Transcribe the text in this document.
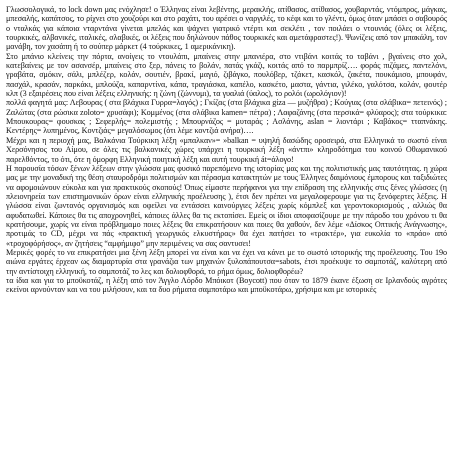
Γλωσσολογικά, το lock down μας ενόχλησε! ο Έλληνας είναι λεβέντης, μερακλής, ατίθασος, ατίθασος, χουβαρντάς, ντόμπρος, μάγκας, μπεσαλής, καπάτσος, το ρίχνει στο χουζούρι και στο ραχάτι, του αρέσει ο ναργιλές, το κέφι και το γλέντι, όμως όταν μπάσει ο σαβουρός ο νταλκάς για κάποια νταρντάνα γίνεται μπελάς και ψάχνει γιατρικό ντέρτι και σεκλέτι , τον ποιλάει ο ντουνιάς (όλες οι λέξεις, τουρκικές, αλβανικές, ιταλικές, σλαβικές, οι λέξεις που δηλώνουν πάθος τουρκικές και αμετάφραστες!). Ψωνίζεις από τον μπακάλη, τον μανάβη, τον χασάπη ή το σούπερ μάρκετ (4 τούρκικες, 1 αμερικάνικη).

Στο μπάνιο κλείνεις την πόρτα, ανοίγεις το ντουλάπι, μπαίνεις στην μπανιέρα, στο ντιβάνι κοιτάς το ταβάνι , βγαίνεις στο χολ, κατεβαίνεις με τον ασανσέρ, μπαίνεις στο ξερ, πάνεις το βολάν, πατάς γκάζι, κοιτάς από το παρμπρίζ…. φοράς πιζάμες, παντελόνι, γραβάτα, σμόκιν, σάλι, μπλέζερ, κολάν, σουτιέν, βρακί, μαγιό, ζιβάγκο, πουλόβερ, τζάκετ, κασκόλ, ζακέτα, πουκάμισο, μπουφάν, πασχάλ, κρασάν, παρκάκι, μπλούζα, καπαρντίνα, κάπα, τραγιάσκα, καπέλο, κασκέτο, μαστα, γάντια, γιλέκο, γαλότσα, κολάν, φουτέρ κλπ (3 εξαιρέσεις που είναι λέξεις ελληνικής: η ζώνη (ζώννυμι), τα γυαλιά (ύαλος), το ρολόι (ωρολόγιον)!

πολλά φαγητά μας: Λεβουρας ( στα βλάχικα Γυρρα=λαγός) ; Γκίζας (στα βλάχικα gίza — μυζήθρα) ; Κούγιας (στα σλάβικα= πετεινός) ; Ζαλώτας (στα ρώσικα zoloto= χρυσάφι); Κομμένος (στα σλάβικα kamen= πέτρα) ; Λαφαζάνης (στα περσικά= φλύαρος); στα τούρκικα: Μπουκουρας= φουσκας ; Σεφερλής= πολεμιστής ; Μπουρνάζος = μυταράς ; Ασλάνης, aslan = λιοντάρι ; Καβάκος= τταπνάκης. Κεντέρης= λυπημένος, Κοντζιάς= μεγαλόσωμος (ότι λέμε κοντζιά ανήρα)….

Μέχρι και η περιοχή μας, Βαλκάνια Τούρκικη λέξη «μπαλκαν»= »balkan = υψηλή δασώδης οροσειρά, στα Ελληνικά το σωστό είναι Χερσόνησος του Αίμου, σε όλες τις βαλκανικές χώρες υπάρχει η τουρκική λέξη «άντπι» κληροδότημα του κοινού Οθωμανικού παρελθόντος, το ότι, ότε η όμορφη Ελληνική ποιητική λέξη και αυτή τουρκική át=άλογο!

Η παρουσία τόσων ξένων λέξεων στην γλώσσα μας φυσικό παρεπόμενο της ιστορίας μας και της πολιτιστικής μας ταυτότητας. η χώρα μας με την μοναδική της θέση σταυροδρόμι πολιτισμών και πέρασμα κατακτητών με τους Έλληνες δαιμόνιους έμπορους και ταξιδιώτες να αφομοιώνουν εύκολα και για πρακτικούς σκοπούς! Όπως είμαστε περήφανοι για την επίδραση της ελληνικής στις ξένες γλώσσες (η πλειονηρεία των επιστημονικών όρων είναι ελληνικής προέλευσης ), έτσι δεν πρέπει να μεγαλοφερουμε για τις ξενόφερτες λέξεις. Η γλώσσα είναι ζωντανός οργανισμός και οφείλει να εντάσσει καινούργιες λέξεις χωρίς κόμπλεξ και γεροντοκορισμούς , αλλιώς θα αφυδατωθεί. Κάποιες θα τις αποχρονηθεί, κάποιες άλλες θα τις εκτοπίσει. Εμείς οι ίδιοι αποφασίζουμε με την πάροδο του χρόνου τι θα κρατήσουμε, χωρίς να είναι πρόβλημαμο ποιες λέξεις θα επικρατήσουν και ποιες θα χαθούν, δεν λέμε «Δίσκος Οπτικής Ανάγνωσης», προτιμάς το CD, μέχρι να πάς «πρακτική γεωργικός ελκυστήρας» θα έχει πατήσει το «τρακτέρ», για ευκολία το «πράο» από «τροχοφόρήσος», αν ζητήσεις “αμφήμιφο” μην περιμένεις να σας σαντυσει!

Μερικές φορές το να επικρατήσει μια ξένη λέξη μπορεί να είναι και να έχει να κάνει με το σωστό ιστορικής της προέλευσης. Του 19ο αιώνα εργάτες έρχεαν ως διαμαρτυρία στα γρανάζια των μηχανών ξυλοπάπουτσα=sabots, έτσι προέκυψε το σαμποτάζ, καλύτερη από την αντίστοιχη ελληνική, το σαμποτάζ το λες και δολιοφθορά, το ρήμα όμως, δολιοφθορέω?

τα ίδια και για το μποϋκοτάζ, η λέξη από τον Άγγλο Λόρδο Μπόικοτ (Boycott) που όταν το 1879 έκανε έξωση σε Ιρλανδούς αγρότες εκείνοι αρνούνταν και να του μιλήσουν, και τα δυο ρήματα σαμποτάρω και μποϋκοτάρω, χρήσιμα και με ιστορικές
